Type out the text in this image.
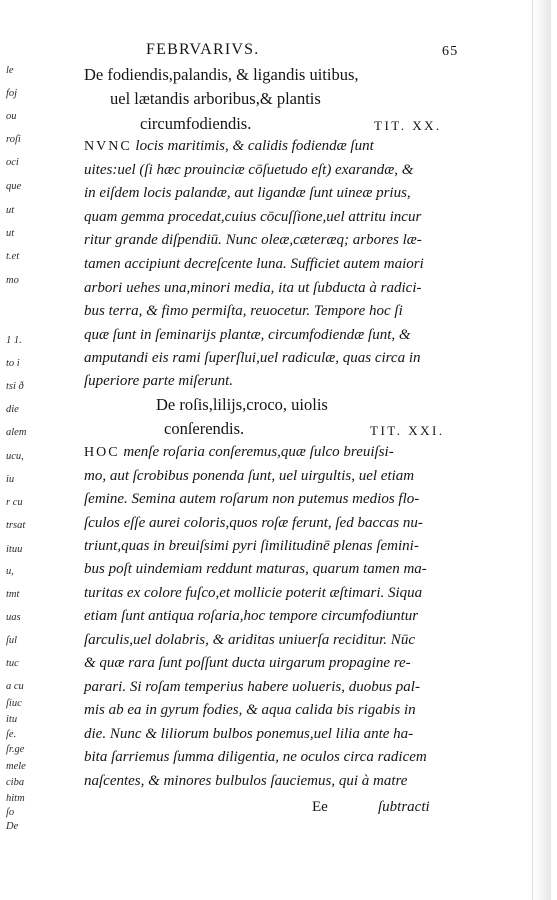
le
foj
ou
roſi
oci
que
ut
ut
t.et
mo
1 1.
to i
tsi ð
die
alem
ucu,
iu
r cu
trsat
ituu
u,
tmt
uas
ſul
tuc
a cu
ſiuc
itu
ſe.
ſr.ge
mele
ciba
hitm
ſo
De
FEBRVARIVS.	65
De fodiendis,palandis, & ligandis uitibus,
uel lætandis arboribus,& plantis
circumfodiendis.	TIT. XX.
NVNC locis maritimis, & calidis fodiendæ ſunt
uites:uel (ſi hæc prouinciæ cōſuetudo eſt) exarandæ, &
in eiſdem locis palandæ, aut ligandæ ſunt uineæ prius,
quam gemma procedat,cuius cōcuſſione,uel attritu incur
ritur grande diſpendiū. Nunc oleæ,cæteræq; arbores læ-
tamen accipiunt decreſcente luna. Sufficiet autem maiori
arbori uehes una,minori media, ita ut ſubducta à radici-
bus terra, & fimo permiſta, reuocetur. Tempore hoc ſi
quæ ſunt in ſeminarijs plantæ, circumfodiendæ ſunt, &
amputandi eis rami ſuperſlui,uel radiculæ, quas circa in
ſuperiore parte miſerunt.
De roſis,lilijs,croco, uiolis
conſerendis.	TIT. XXI.
HOC menſe roſaria conſeremus,quæ ſulco breuiſsi-
mo, aut ſcrobibus ponenda ſunt, uel uirgultis, uel etiam
ſemine. Semina autem roſarum non putemus medios flo-
ſculos eſſe aurei coloris,quos roſæ ferunt, ſed baccas nu-
triunt,quas in breuiſsimi pyri ſimilitudinē plenas ſemini-
bus poſt uindemiam reddunt maturas, quarum tamen ma-
turitas ex colore fuſco,et mollicie poterit æſtimari. Siqua
etiam ſunt antiqua roſaria,hoc tempore circumfodiuntur
ſarculis,uel dolabris, & ariditas uniuerſa reciditur. Nūc
& quæ rara ſunt poſſunt ducta uirgarum propagine re-
parari. Si roſam temperius habere uolueris, duobus pal-
mis ab ea in gyrum fodies, & aqua calida bis rigabis in
die. Nunc & liliorum bulbos ponemus,uel lilia ante ha-
bita ſarriemus ſumma diligentia, ne oculos circa radicem
naſcentes, & minores bulbulos ſauciemus, qui à matre
Ee	ſubtracti
